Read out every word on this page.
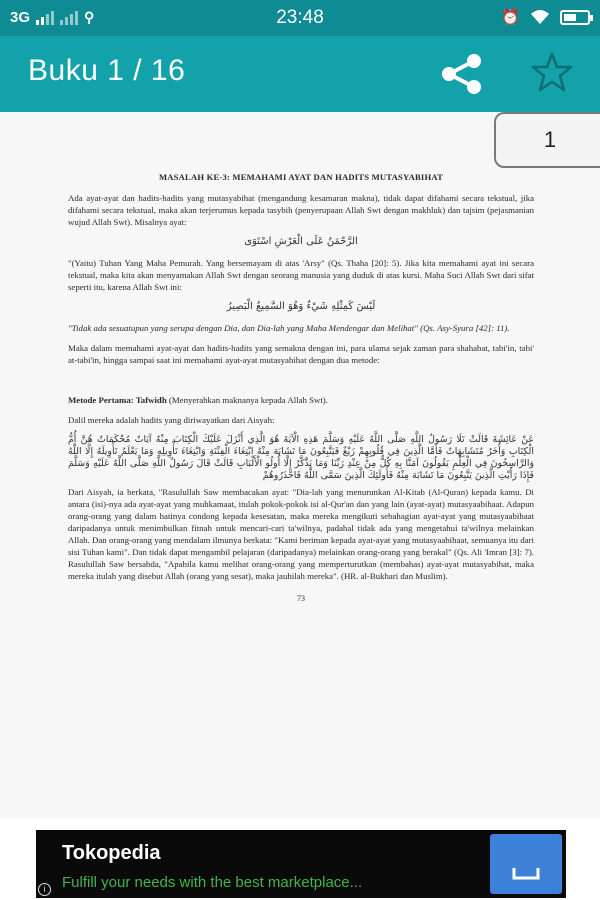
3G	⚲	23:48	⏰
Buku 1 / 16
1
MASALAH KE-3: MEMAHAMI AYAT DAN HADITS MUTASYABIHAT
Ada ayat-ayat dan hadits-hadits yang mutasyabihat (mengandung kesamaran makna), tidak dapat difahami secara tekstual, jika difahami secara tekstual, maka akan terjerumus kepada tasybih (penyerupaan Allah Swt dengan makhluk) dan tajsim (pejasmanian wujud Allah Swt). Misalnya ayat:
الرَّحْمَنُ عَلَى الْعَرْشِ اسْتَوَى
"(Yaitu) Tuhan Yang Maha Pemurah. Yang bersemayam di atas 'Arsy" (Qs. Thaha [20]: 5). Jika kita memahami ayat ini secara tekstual, maka kita akan menyamakan Allah Swt dengan seorang manusia yang duduk di atas kursi. Maha Suci Allah Swt dari sifat seperti itu, karena Allah Swt ini:
لَيْسَ كَمِثْلِهِ شَيْءٌ وَهُوَ السَّمِيعُ الْبَصِيرُ
"Tidak ada sesuatupun yang serupa dengan Dia, dan Dia-lah yang Maha Mendengar dan Melihat" (Qs. Asy-Syura [42]: 11).
Maka dalam memahami ayat-ayat dan hadits-hadits yang semakna dengan ini, para ulama sejak zaman para shahabat, tabi'in, tabi' at-tabi'in, hingga sampai saat ini memahami ayat-ayat mutasyabihat dengan dua metode:
Metode Pertama: Tafwidh (Menyerahkan maknanya kepada Allah Swt).
Dalil mereka adalah hadits yang diriwayatkan dari Aisyah:
عَنْ عَائِشَةَ قَالَتْ تَلَا رَسُولُ اللَّهِ صَلَّى اللَّهُ عَلَيْهِ وَسَلَّمَ هَذِهِ الْآيَةَ هُوَ الَّذِي أَنْزَلَ عَلَيْكَ الْكِتَابَ مِنْهُ آيَاتٌ مُحْكَمَاتٌ هُنَّ أُمُّ الْكِتَابِ وَأُخَرُ مُتَشَابِهَاتٌ فَأَمَّا الَّذِينَ فِي قُلُوبِهِمْ زَيْغٌ فَيَتَّبِعُونَ مَا تَشَابَهَ مِنْهُ ابْتِغَاءَ الْفِتْنَةِ وَابْتِغَاءَ تَأْوِيلِهِ وَمَا يَعْلَمُ تَأْوِيلَهُ إِلَّا اللَّهُ وَالرَّاسِخُونَ فِي الْعِلْمِ يَقُولُونَ آمَنَّا بِهِ كُلٌّ مِنْ عِنْدِ رَبِّنَا وَمَا يَذَّكَّرُ إِلَّا أُولُو الْأَلْبَابِ قَالَتْ قَالَ رَسُولُ اللَّهِ صَلَّى اللَّهُ عَلَيْهِ وَسَلَّمَ فَإِذَا رَأَيْتِ الَّذِينَ يَتَّبِعُونَ مَا تَشَابَهَ مِنْهُ فَأُولَئِكَ الَّذِينَ سَمَّى اللَّهُ فَاحْذَرُوهُمْ
Dari Aisyah, ia berkata, "Rasulullah Saw membacakan ayat: "Dia-lah yang menurunkan Al-Kitab (Al-Quran) kepada kamu. Di antara (isi)-nya ada ayat-ayat yang muhkamaat, itulah pokok-pokok isi al-Qur'an dan yang lain (ayat-ayat) mutasyaabihaat. Adapun orang-orang yang dalam hatinya condong kepada kesesatan, maka mereka mengikuti sebahagian ayat-ayat yang mutasyaabihaat daripadanya untuk menimbulkan fitnah untuk mencari-cari ta'wilnya, padahal tidak ada yang mengetahui ta'wilnya melainkan Allah. Dan orang-orang yang mendalam ilmunya berkata: "Kami beriman kepada ayat-ayat yang mutasyaabihaat, semuanya itu dari sisi Tuhan kami". Dan tidak dapat mengambil pelajaran (daripadanya) melainkan orang-orang yang berakal" (Qs. Ali 'Imran [3]: 7). Rasulullah Saw bersabda, "Apabila kamu melihat orang-orang yang memperturutkan (membahas) ayat-ayat mutasyabihat, maka mereka itulah yang disebut Allah (orang yang sesat), maka jauhilah mereka". (HR. al-Bukhari dan Muslim).
73
Tokopedia
Fulfill your needs with the best marketplace...
i
